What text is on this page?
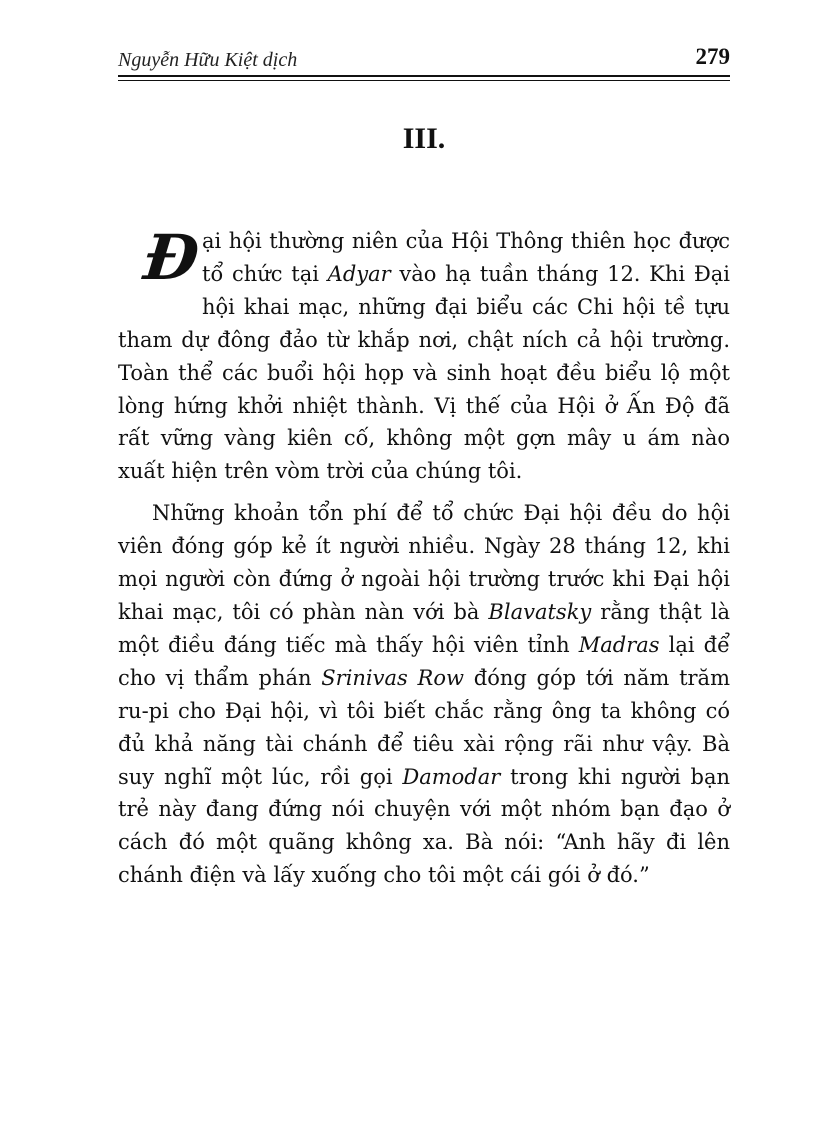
Nguyễn Hữu Kiệt dịch	279
III.

Đại hội thường niên của Hội Thông thiên học được tổ chức tại Adyar vào hạ tuần tháng 12. Khi Đại hội khai mạc, những đại biểu các Chi hội tề tựu tham dự đông đảo từ khắp nơi, chật ních cả hội trường. Toàn thể các buổi hội họp và sinh hoạt đều biểu lộ một lòng hứng khởi nhiệt thành. Vị thế của Hội ở Ấn Độ đã rất vững vàng kiên cố, không một gợn mây u ám nào xuất hiện trên vòm trời của chúng tôi.

Những khoản tổn phí để tổ chức Đại hội đều do hội viên đóng góp kẻ ít người nhiều. Ngày 28 tháng 12, khi mọi người còn đứng ở ngoài hội trường trước khi Đại hội khai mạc, tôi có phàn nàn với bà Blavatsky rằng thật là một điều đáng tiếc mà thấy hội viên tỉnh Madras lại để cho vị thẩm phán Srinivas Row đóng góp tới năm trăm ru-pi cho Đại hội, vì tôi biết chắc rằng ông ta không có đủ khả năng tài chánh để tiêu xài rộng rãi như vậy. Bà suy nghĩ một lúc, rồi gọi Damodar trong khi người bạn trẻ này đang đứng nói chuyện với một nhóm bạn đạo ở cách đó một quãng không xa. Bà nói: “Anh hãy đi lên chánh điện và lấy xuống cho tôi một cái gói ở đó.”
